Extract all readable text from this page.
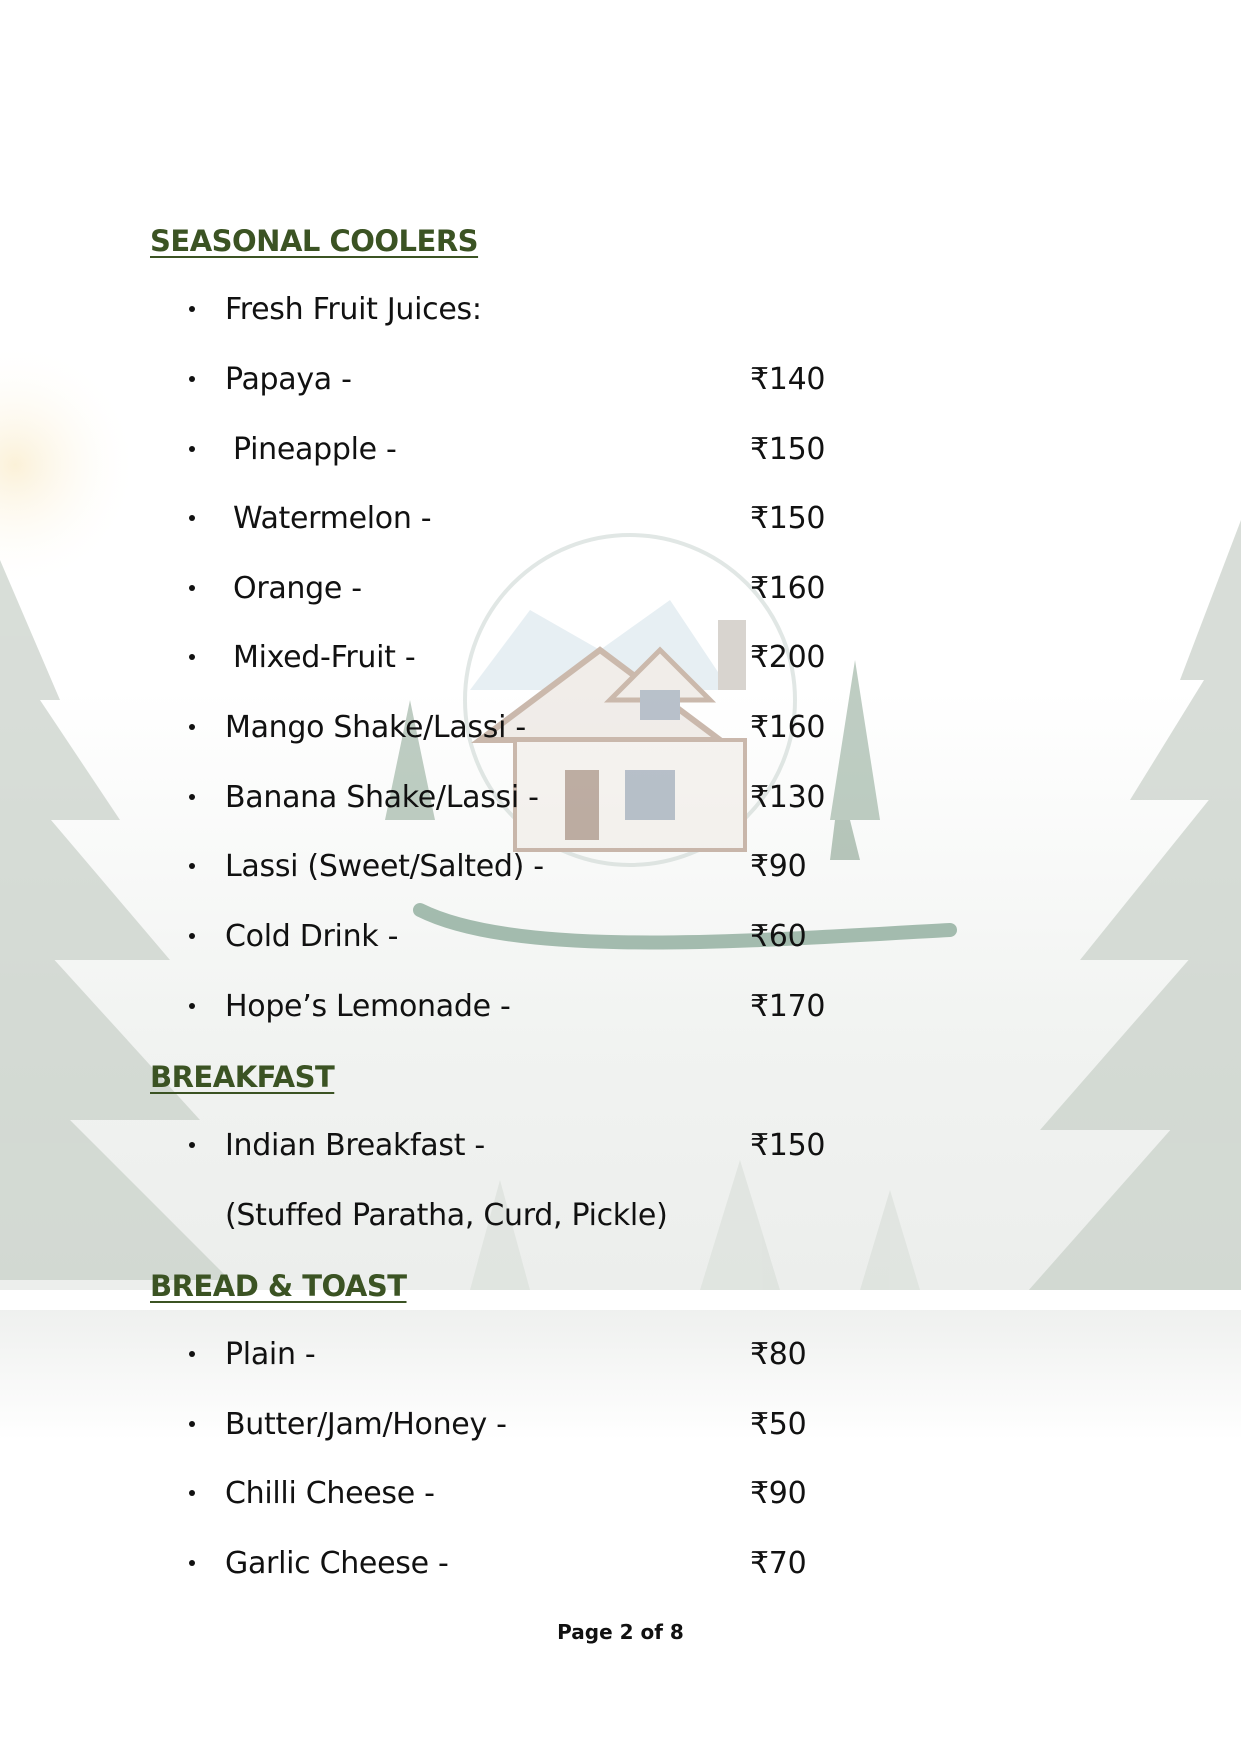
SEASONAL COOLERS
Fresh Fruit Juices:
Papaya -	₹140
Pineapple -	₹150
Watermelon -	₹150
Orange -	₹160
Mixed-Fruit -	₹200
Mango Shake/Lassi -	₹160
Banana Shake/Lassi -	₹130
Lassi (Sweet/Salted) -	₹90
Cold Drink -	₹60
Hope’s Lemonade -	₹170
BREAKFAST
Indian Breakfast -	₹150
(Stuffed Paratha, Curd, Pickle)
BREAD & TOAST
Plain -	₹80
Butter/Jam/Honey -	₹50
Chilli Cheese -	₹90
Garlic Cheese -	₹70
Page 2 of 8
